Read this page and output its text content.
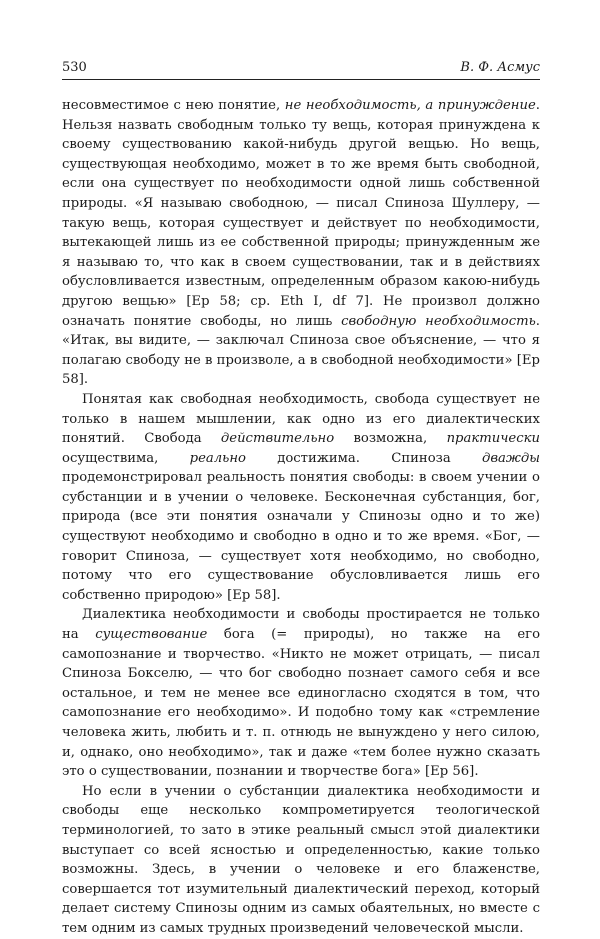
530	В. Ф. Асмус

несовместимое с нею понятие, не необходимость, а принуждение. Нельзя назвать свободным только ту вещь, которая принуждена к своему существованию какой-нибудь другой вещью. Но вещь, существующая необходимо, может в то же время быть свободной, если она существует по необходимости одной лишь собственной природы. «Я называю свободною, — писал Спиноза Шуллеру, — такую вещь, которая существует и действует по необходимости, вытекающей лишь из ее собственной природы; принужденным же я называю то, что как в своем существовании, так и в действиях обусловливается известным, определенным образом какою-нибудь другою вещью» [Ep 58; cp. Eth I, df 7]. Не произвол должно означать понятие свободы, но лишь свободную необходимость. «Итак, вы видите, — заключал Спиноза свое объяснение, — что я полагаю свободу не в произволе, а в свободной необходимости» [Ep 58].

Понятая как свободная необходимость, свобода существует не только в нашем мышлении, как одно из его диалектических понятий. Свобода действительно возможна, практически осуществима, реально достижима. Спиноза дважды продемонстрировал реальность понятия свободы: в своем учении о субстанции и в учении о человеке. Бесконечная субстанция, бог, природа (все эти понятия означали у Спинозы одно и то же) существуют необходимо и свободно в одно и то же время. «Бог, — говорит Спиноза, — существует хотя необходимо, но свободно, потому что его существование обусловливается лишь его собственно природою» [Ep 58].

Диалектика необходимости и свободы простирается не только на существование бога (= природы), но также на его самопознание и творчество. «Никто не может отрицать, — писал Спиноза Бокселю, — что бог свободно познает самого себя и все остальное, и тем не менее все единогласно сходятся в том, что самопознание его необходимо». И подобно тому как «стремление человека жить, любить и т. п. отнюдь не вынуждено у него силою, и, однако, оно необходимо», так и даже «тем более нужно сказать это о существовании, познании и творчестве бога» [Ep 56].

Но если в учении о субстанции диалектика необходимости и свободы еще несколько компрометируется теологической терминологией, то зато в этике реальный смысл этой диалектики выступает со всей ясностью и определенностью, какие только возможны. Здесь, в учении о человеке и его блаженстве, совершается тот изумительный диалектический переход, который делает систему Спинозы одним из самых обаятельных, но вместе с тем одним из самых трудных произведений человеческой мысли.
